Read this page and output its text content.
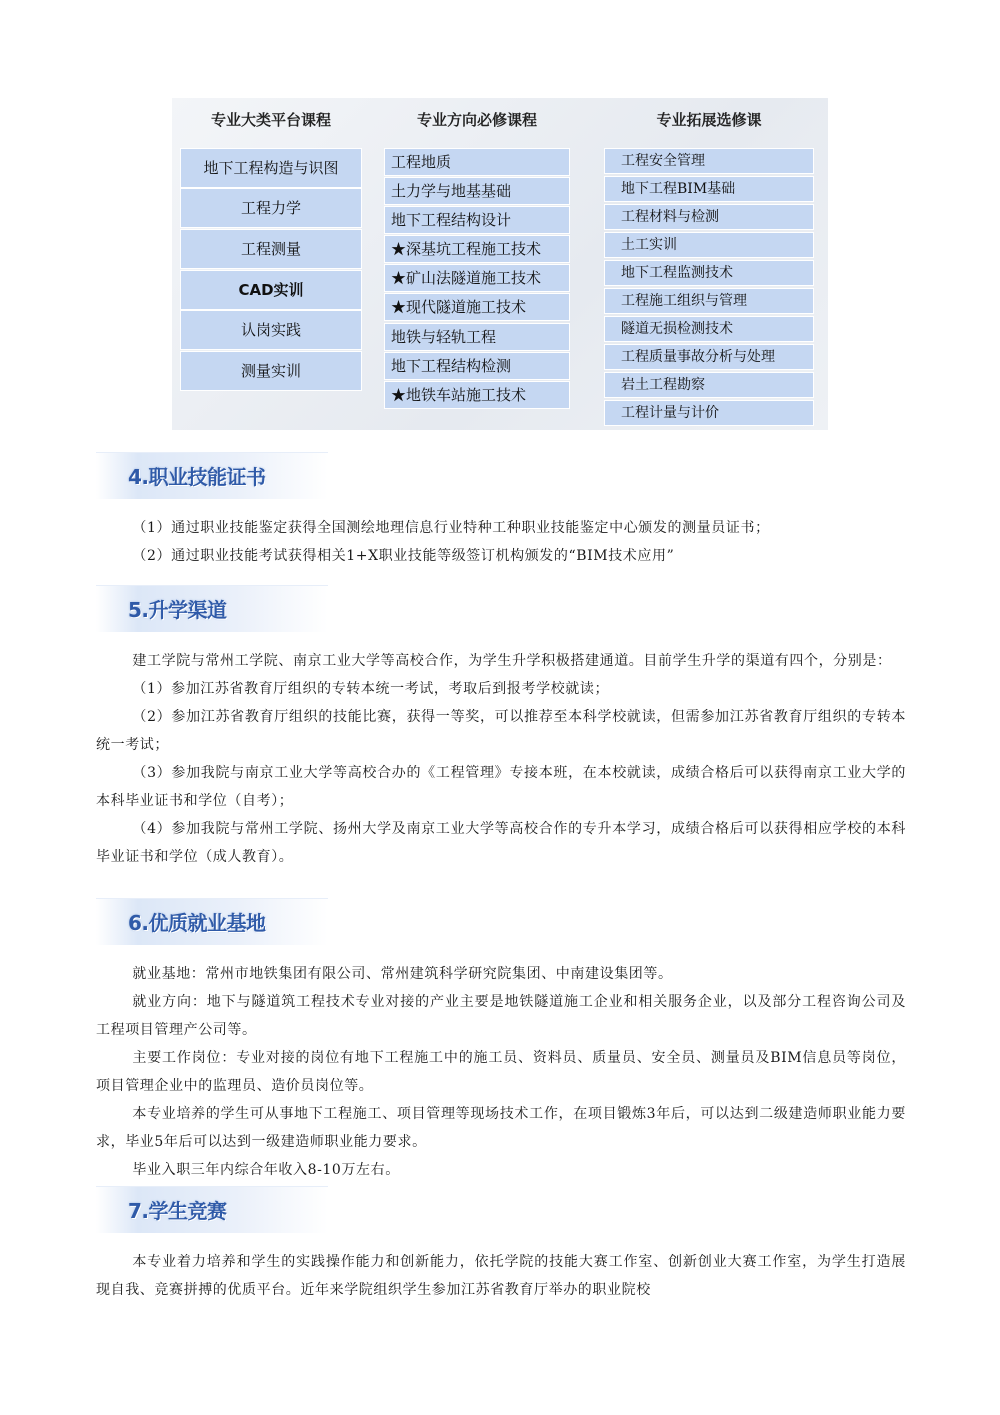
专业大类平台课程	专业方向必修课程	专业拓展选修课
地下工程构造与识图
工程力学
工程测量
CAD实训
认岗实践
测量实训
工程地质
土力学与地基基础
地下工程结构设计
★深基坑工程施工技术
★矿山法隧道施工技术
★现代隧道施工技术
地铁与轻轨工程
地下工程结构检测
★地铁车站施工技术
工程安全管理
地下工程BIM基础
工程材料与检测
土工实训
地下工程监测技术
工程施工组织与管理
隧道无损检测技术
工程质量事故分析与处理
岩土工程勘察
工程计量与计价
4.职业技能证书

（1）通过职业技能鉴定获得全国测绘地理信息行业特种工种职业技能鉴定中心颁发的测量员证书；

（2）通过职业技能考试获得相关1+X职业技能等级签订机构颁发的“BIM技术应用”

5.升学渠道

建工学院与常州工学院、南京工业大学等高校合作，为学生升学积极搭建通道。目前学生升学的渠道有四个，分别是：

（1）参加江苏省教育厅组织的专转本统一考试，考取后到报考学校就读；

（2）参加江苏省教育厅组织的技能比赛，获得一等奖，可以推荐至本科学校就读，但需参加江苏省教育厅组织的专转本统一考试；

（3）参加我院与南京工业大学等高校合办的《工程管理》专接本班，在本校就读，成绩合格后可以获得南京工业大学的本科毕业证书和学位（自考）；

（4）参加我院与常州工学院、扬州大学及南京工业大学等高校合作的专升本学习，成绩合格后可以获得相应学校的本科毕业证书和学位（成人教育）。

6.优质就业基地

就业基地：常州市地铁集团有限公司、常州建筑科学研究院集团、中南建设集团等。

就业方向：地下与隧道筑工程技术专业对接的产业主要是地铁隧道施工企业和相关服务企业，以及部分工程咨询公司及工程项目管理产公司等。

主要工作岗位：专业对接的岗位有地下工程施工中的施工员、资料员、质量员、安全员、测量员及BIM信息员等岗位，项目管理企业中的监理员、造价员岗位等。

本专业培养的学生可从事地下工程施工、项目管理等现场技术工作，在项目锻炼3年后，可以达到二级建造师职业能力要求，毕业5年后可以达到一级建造师职业能力要求。

毕业入职三年内综合年收入8-10万左右。

7.学生竞赛

本专业着力培养和学生的实践操作能力和创新能力，依托学院的技能大赛工作室、创新创业大赛工作室，为学生打造展现自我、竞赛拼搏的优质平台。近年来学院组织学生参加江苏省教育厅举办的职业院校
